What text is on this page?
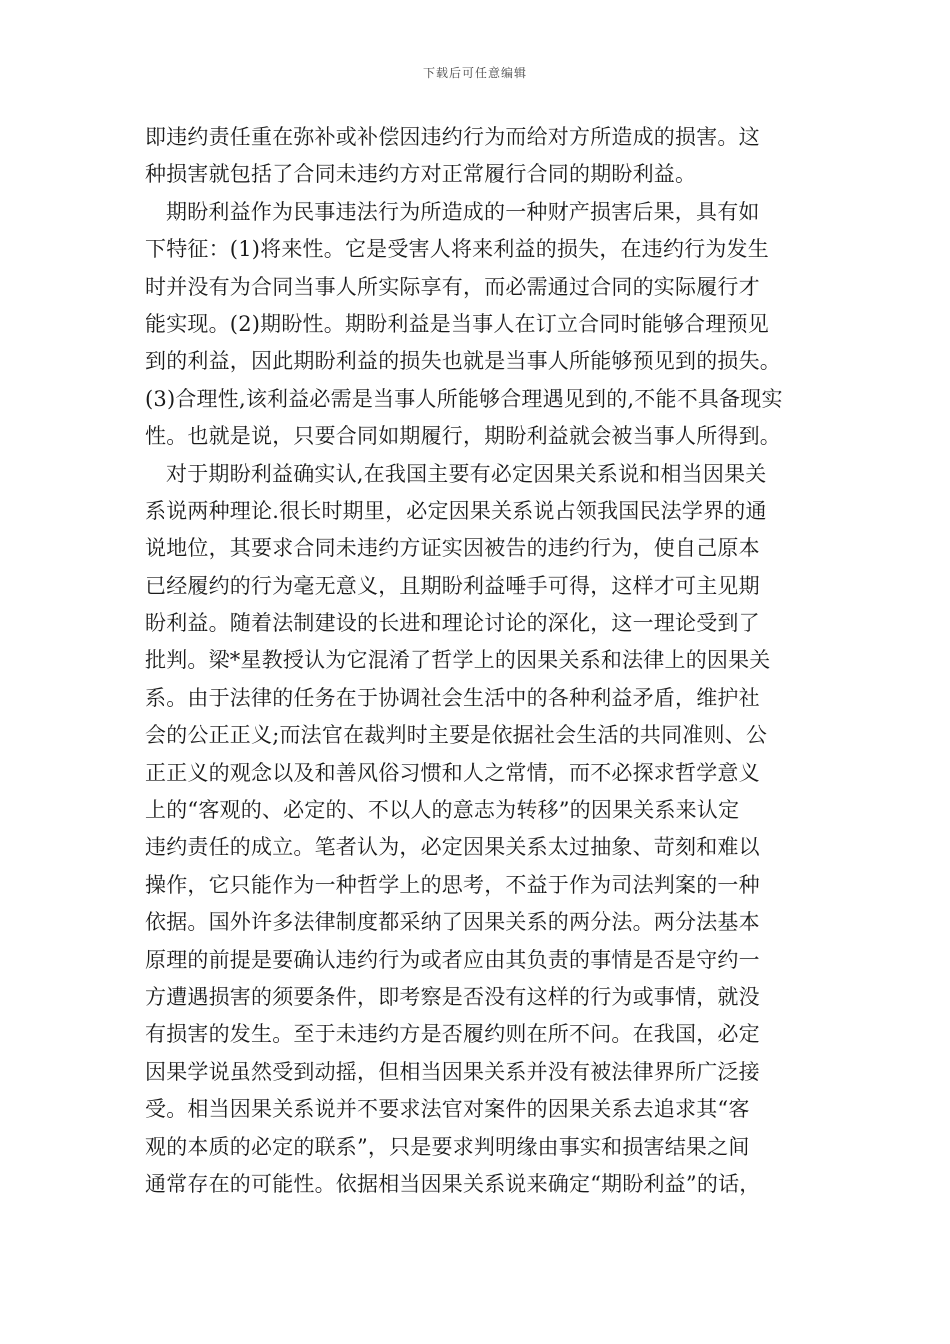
下载后可任意编辑
即违约责任重在弥补或补偿因违约行为而给对方所造成的损害。这
种损害就包括了合同未违约方对正常履行合同的期盼利益。
期盼利益作为民事违法行为所造成的一种财产损害后果，具有如
下特征：(1)将来性。它是受害人将来利益的损失，在违约行为发生
时并没有为合同当事人所实际享有，而必需通过合同的实际履行才
能实现。(2)期盼性。期盼利益是当事人在订立合同时能够合理预见
到的利益，因此期盼利益的损失也就是当事人所能够预见到的损失。
(3)合理性,该利益必需是当事人所能够合理遇见到的,不能不具备现实
性。也就是说，只要合同如期履行，期盼利益就会被当事人所得到。
对于期盼利益确实认,在我国主要有必定因果关系说和相当因果关
系说两种理论.很长时期里，必定因果关系说占领我国民法学界的通
说地位，其要求合同未违约方证实因被告的违约行为，使自己原本
已经履约的行为毫无意义，且期盼利益唾手可得，这样才可主见期
盼利益。随着法制建设的长进和理论讨论的深化，这一理论受到了
批判。梁*星教授认为它混淆了哲学上的因果关系和法律上的因果关
系。由于法律的任务在于协调社会生活中的各种利益矛盾，维护社
会的公正正义;而法官在裁判时主要是依据社会生活的共同准则、公
正正义的观念以及和善风俗习惯和人之常情，而不必探求哲学意义
上的“客观的、必定的、不以人的意志为转移”的因果关系来认定
违约责任的成立。笔者认为，必定因果关系太过抽象、苛刻和难以
操作，它只能作为一种哲学上的思考，不益于作为司法判案的一种
依据。国外许多法律制度都采纳了因果关系的两分法。两分法基本
原理的前提是要确认违约行为或者应由其负责的事情是否是守约一
方遭遇损害的须要条件，即考察是否没有这样的行为或事情，就没
有损害的发生。至于未违约方是否履约则在所不问。在我国，必定
因果学说虽然受到动摇，但相当因果关系并没有被法律界所广泛接
受。相当因果关系说并不要求法官对案件的因果关系去追求其“客
观的本质的必定的联系”，只是要求判明缘由事实和损害结果之间
通常存在的可能性。依据相当因果关系说来确定“期盼利益”的话，
